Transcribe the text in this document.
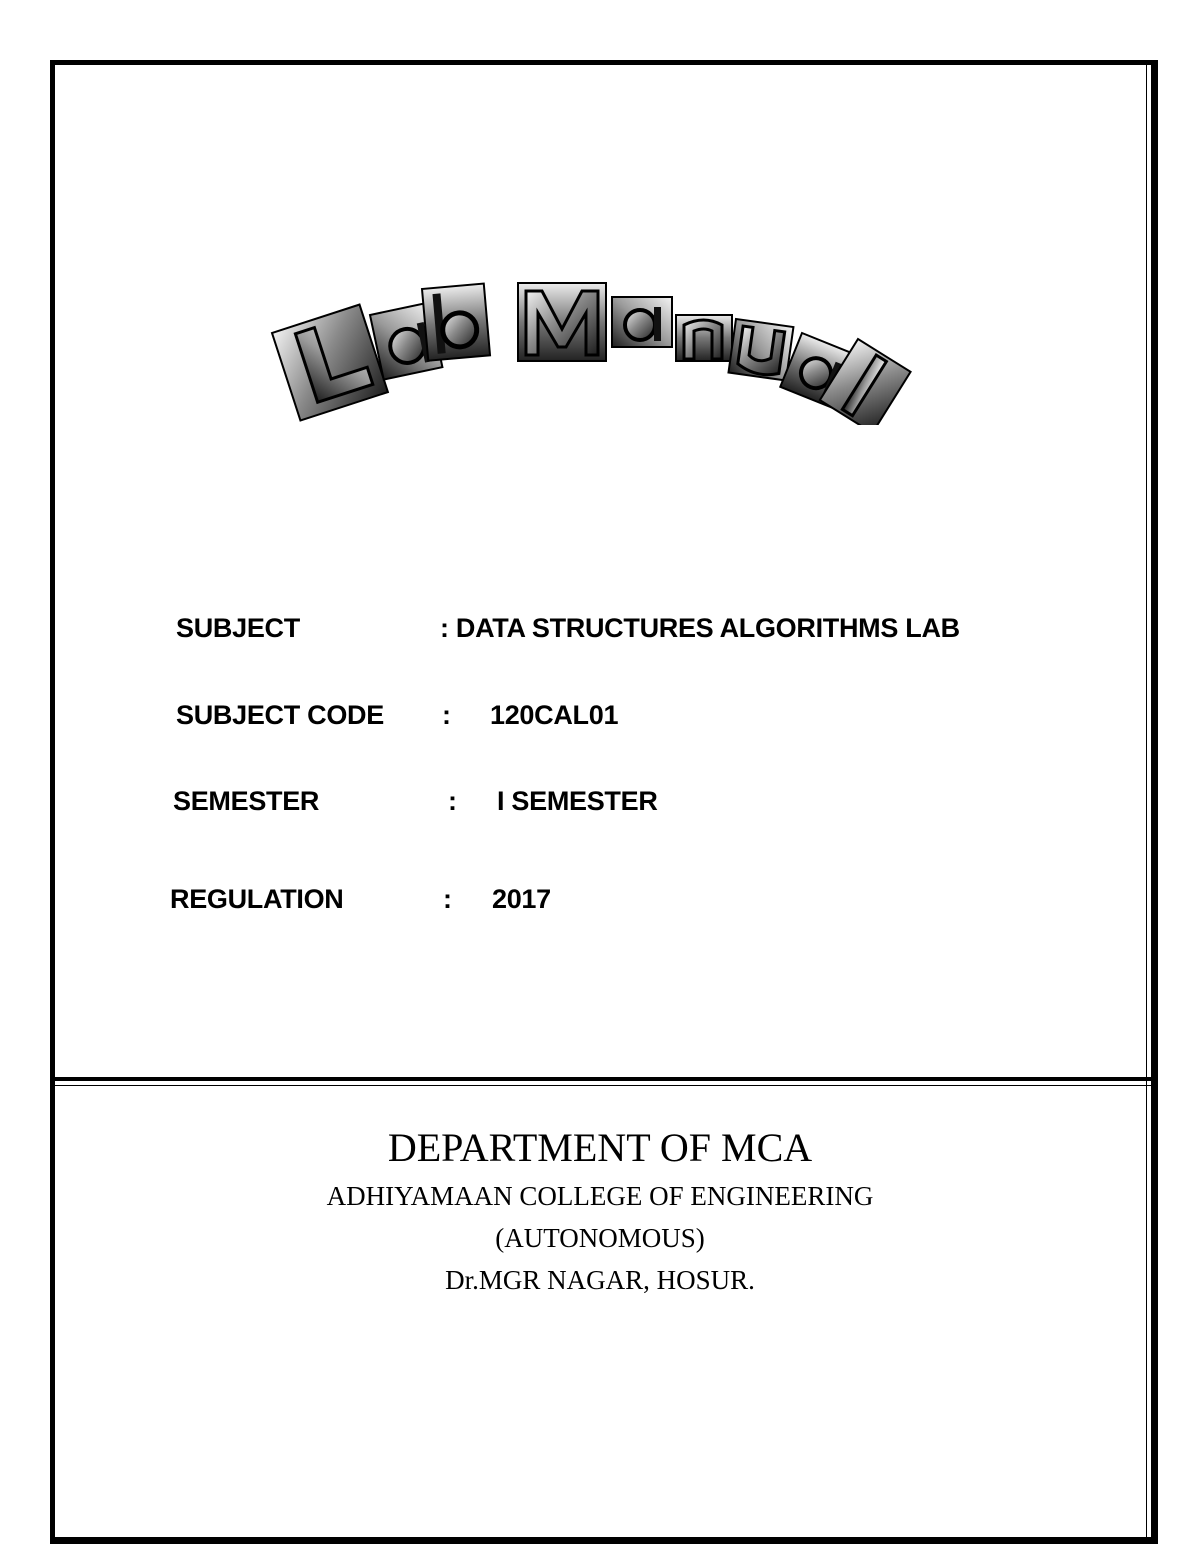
SUBJECT	: DATA STRUCTURES ALGORITHMS LAB
SUBJECT CODE : 120CAL01
SEMESTER	: I SEMESTER
REGULATION	: 2017
DEPARTMENT OF MCA
ADHIYAMAAN COLLEGE OF ENGINEERING
(AUTONOMOUS)
Dr.MGR NAGAR, HOSUR.
